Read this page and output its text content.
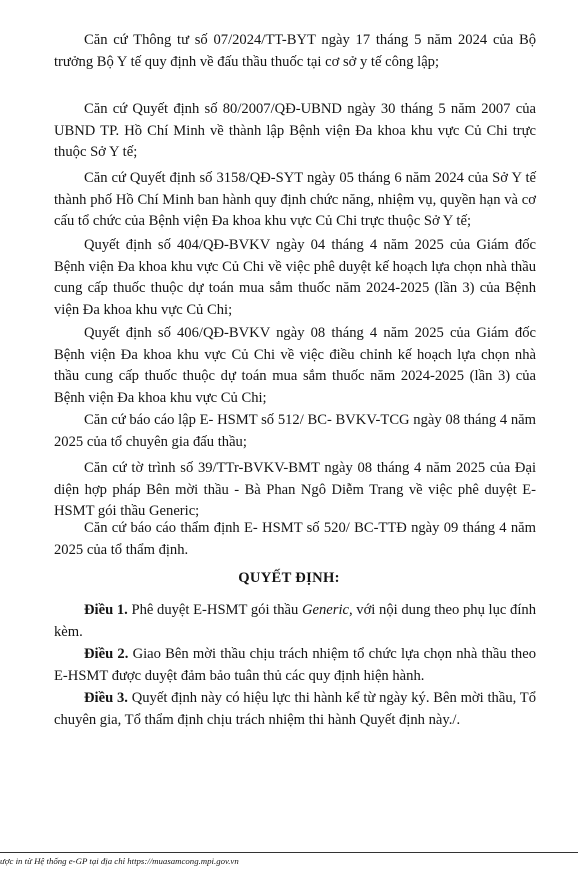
Căn cứ Thông tư số 07/2024/TT-BYT ngày 17 tháng 5 năm 2024 của Bộ trưởng Bộ Y tế quy định về đấu thầu thuốc tại cơ sở y tế công lập;

Căn cứ Quyết định số 80/2007/QĐ-UBND ngày 30 tháng 5 năm 2007 của UBND TP. Hồ Chí Minh về thành lập Bệnh viện Đa khoa khu vực Củ Chi trực thuộc Sở Y tế;

Căn cứ Quyết định số 3158/QĐ-SYT ngày 05 tháng 6 năm 2024 của Sở Y tế thành phố Hồ Chí Minh ban hành quy định chức năng, nhiệm vụ, quyền hạn và cơ cấu tổ chức của Bệnh viện Đa khoa khu vực Củ Chi trực thuộc Sở Y tế;

Quyết định số 404/QĐ-BVKV ngày 04 tháng 4 năm 2025 của Giám đốc Bệnh viện Đa khoa khu vực Củ Chi về việc phê duyệt kế hoạch lựa chọn nhà thầu cung cấp thuốc thuộc dự toán mua sắm thuốc năm 2024-2025 (lần 3) của Bệnh viện Đa khoa khu vực Củ Chi;

Quyết định số 406/QĐ-BVKV ngày 08 tháng 4 năm 2025 của Giám đốc Bệnh viện Đa khoa khu vực Củ Chi về việc điều chỉnh kế hoạch lựa chọn nhà thầu cung cấp thuốc thuộc dự toán mua sắm thuốc năm 2024-2025 (lần 3) của Bệnh viện Đa khoa khu vực Củ Chi;

Căn cứ báo cáo lập E- HSMT số 512/ BC- BVKV-TCG ngày 08 tháng 4 năm 2025 của tổ chuyên gia đấu thầu;

Căn cứ tờ trình số 39/TTr-BVKV-BMT ngày 08 tháng 4 năm 2025 của Đại diện hợp pháp Bên mời thầu - Bà Phan Ngô Diễm Trang về việc phê duyệt E-HSMT gói thầu Generic;

Căn cứ báo cáo thẩm định E- HSMT số 520/ BC-TTĐ ngày 09 tháng 4 năm 2025 của tổ thẩm định.

QUYẾT ĐỊNH:

Điều 1. Phê duyệt E-HSMT gói thầu Generic, với nội dung theo phụ lục đính kèm.

Điều 2. Giao Bên mời thầu chịu trách nhiệm tổ chức lựa chọn nhà thầu theo E-HSMT được duyệt đảm bảo tuân thủ các quy định hiện hành.

Điều 3. Quyết định này có hiệu lực thi hành kể từ ngày ký. Bên mời thầu, Tổ chuyên gia, Tổ thẩm định chịu trách nhiệm thi hành Quyết định này./.

ược in từ Hệ thống e-GP tại địa chỉ https://muasamcong.mpi.gov.vn
